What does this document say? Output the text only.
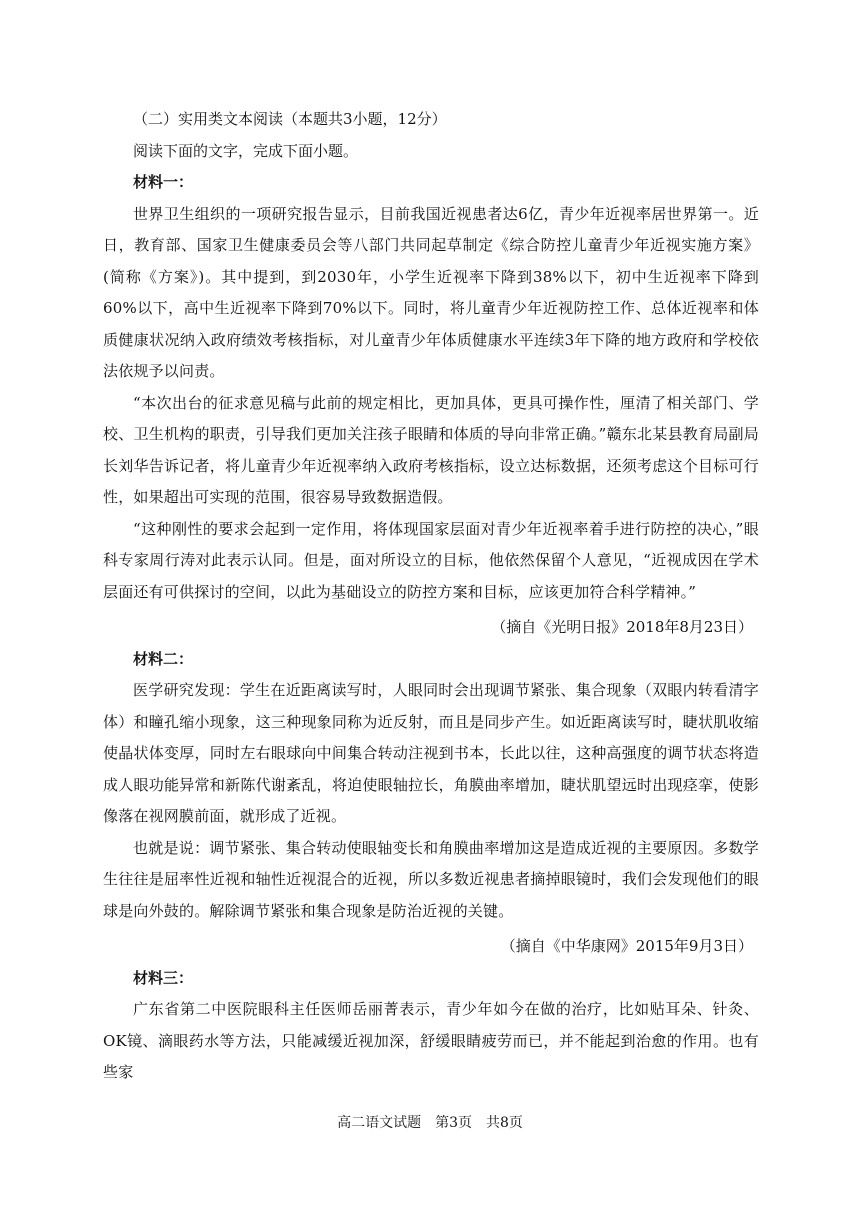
（二）实用类文本阅读（本题共3小题，12分）

阅读下面的文字，完成下面小题。

材料一：

世界卫生组织的一项研究报告显示，目前我国近视患者达6亿，青少年近视率居世界第一。近日，教育部、国家卫生健康委员会等八部门共同起草制定《综合防控儿童青少年近视实施方案》(简称《方案》)。其中提到，到2030年，小学生近视率下降到38%以下，初中生近视率下降到60%以下，高中生近视率下降到70%以下。同时，将儿童青少年近视防控工作、总体近视率和体质健康状况纳入政府绩效考核指标，对儿童青少年体质健康水平连续3年下降的地方政府和学校依法依规予以问责。

“本次出台的征求意见稿与此前的规定相比，更加具体，更具可操作性，厘清了相关部门、学校、卫生机构的职责，引导我们更加关注孩子眼睛和体质的导向非常正确。”赣东北某县教育局副局长刘华告诉记者，将儿童青少年近视率纳入政府考核指标，设立达标数据，还须考虑这个目标可行性，如果超出可实现的范围，很容易导致数据造假。

“这种刚性的要求会起到一定作用，将体现国家层面对青少年近视率着手进行防控的决心，”眼科专家周行涛对此表示认同。但是，面对所设立的目标，他依然保留个人意见，“近视成因在学术层面还有可供探讨的空间，以此为基础设立的防控方案和目标，应该更加符合科学精神。”

（摘自《光明日报》2018年8月23日）

材料二：

医学研究发现：学生在近距离读写时，人眼同时会出现调节紧张、集合现象（双眼内转看清字体）和瞳孔缩小现象，这三种现象同称为近反射，而且是同步产生。如近距离读写时，睫状肌收缩使晶状体变厚，同时左右眼球向中间集合转动注视到书本，长此以往，这种高强度的调节状态将造成人眼功能异常和新陈代谢紊乱，将迫使眼轴拉长，角膜曲率增加，睫状肌望远时出现痉挛，使影像落在视网膜前面，就形成了近视。

也就是说：调节紧张、集合转动使眼轴变长和角膜曲率增加这是造成近视的主要原因。多数学生往往是屈率性近视和轴性近视混合的近视，所以多数近视患者摘掉眼镜时，我们会发现他们的眼球是向外鼓的。解除调节紧张和集合现象是防治近视的关键。

（摘自《中华康网》2015年9月3日）

材料三：

广东省第二中医院眼科主任医师岳丽菁表示，青少年如今在做的治疗，比如贴耳朵、针灸、OK镜、滴眼药水等方法，只能减缓近视加深，舒缓眼睛疲劳而已，并不能起到治愈的作用。也有些家

高二语文试题　第3页　共8页
